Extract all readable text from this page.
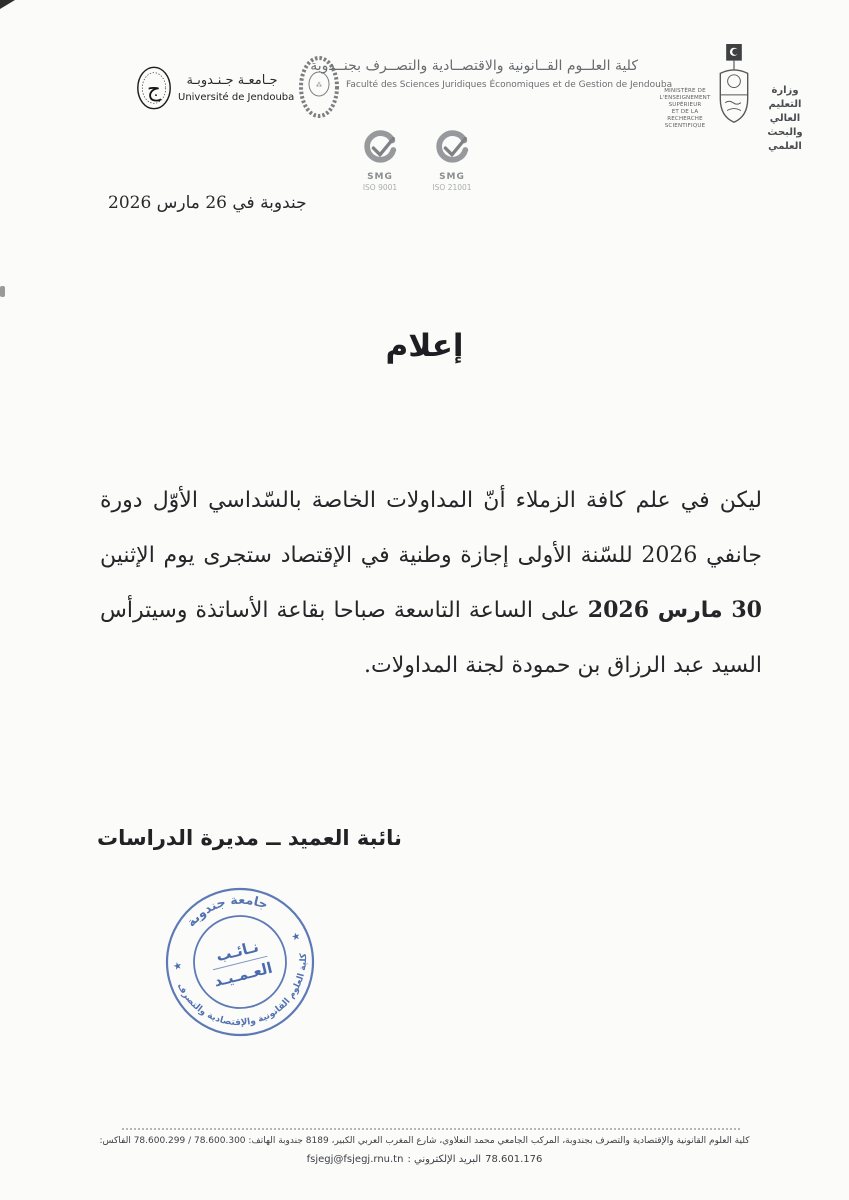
ج	جـامعـة جـنـدوبـة
Université de Jendouba
⁂
كلية العلــوم القــانونية والاقتصــادية والتصــرف بجنــدوبة
Faculté des Sciences Juridiques Économiques et de Gestion de Jendouba
MINISTÈRE DE
L'ENSEIGNEMENT SUPÉRIEUR
ET DE LA RECHERCHE
SCIENTIFIQUE
وزارة التعليم العالي
والبحث العلمي
SMG
ISO 9001
SMG
ISO 21001
جندوبة في 26 مارس 2026
إعلام

ليكن في علم كافة الزملاء أنّ المداولات الخاصة بالسّداسي الأوّل دورة

جانفي 2026 للسّنة الأولى إجازة وطنية في الإقتصاد ستجرى يوم الإثنين

30 مارس 2026 على الساعة التاسعة صباحا بقاعة الأساتذة وسيترأس

السيد عبد الرزاق بن حمودة لجنة المداولات.

نائبة العميد ــ مديرة الدراسات
جامعة جندوبة
كلية العلوم القانونية والإقتصادية والتصرف
★
★
نـائـب
العـمـيـد
كلية العلوم القانونية والإقتصادية والتصرف بجندوبة، المركب الجامعي محمد النعلاوي، شارع المغرب العربي الكبير، 8189 جندوبة الهاتف: 78.600.300 / 78.600.299 الفاكس:
78.601.176البريد الإلكتروني :fsjegj@fsjegj.rnu.tn
